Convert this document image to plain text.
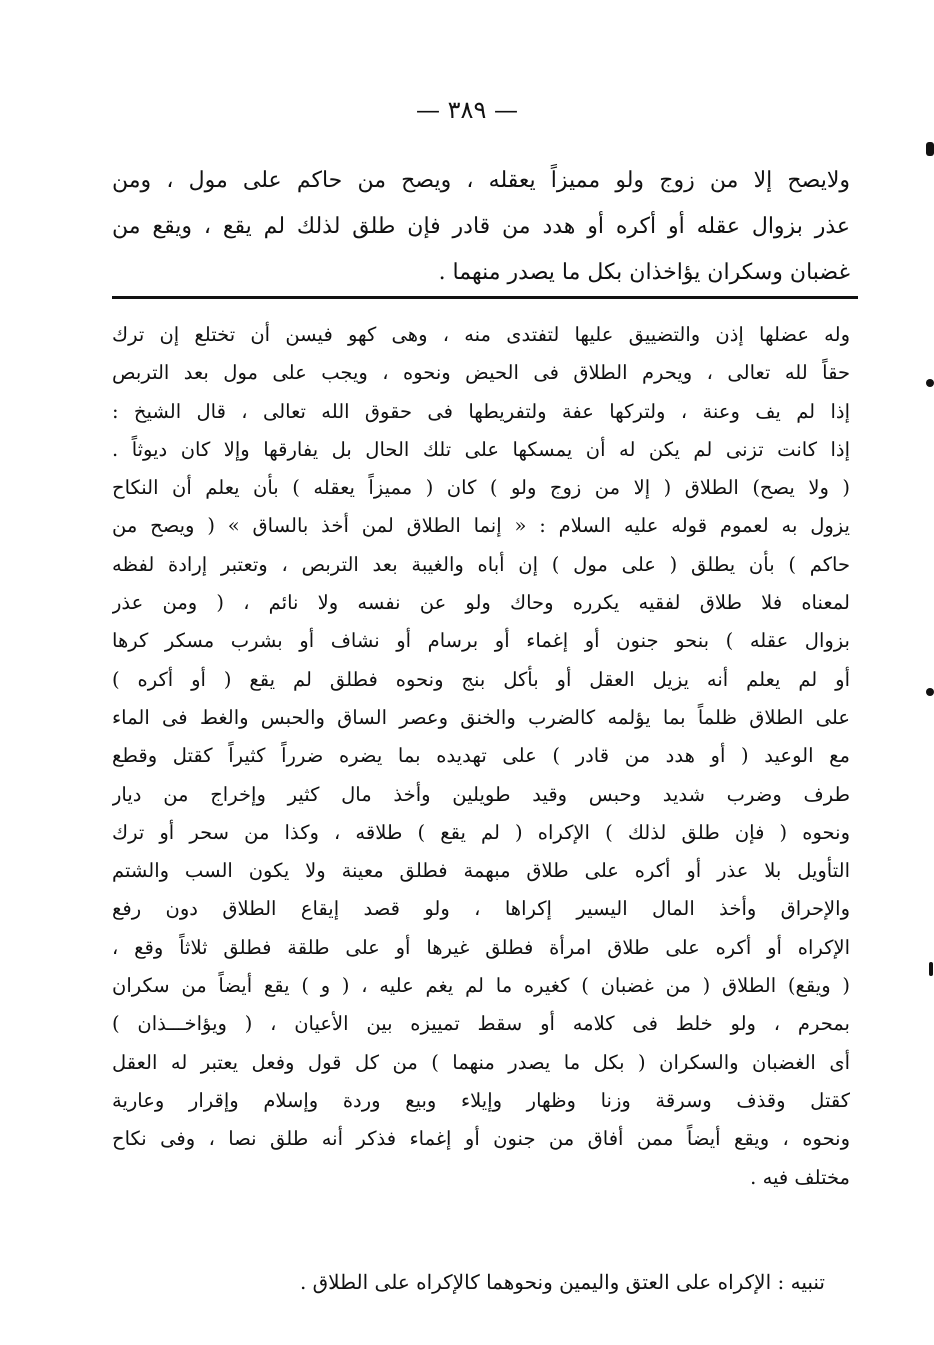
— ٣٨٩ —
ولايصح إلا من زوج ولو مميزاً يعقله ، ويصح من حاكم على مول ، ومن
عذر بزوال عقله أو أكره أو هدد من قادر فإن طلق لذلك لم يقع ، ويقع من
غضبان وسكران يؤاخذان بكل ما يصدر منهما .
وله عضلها إذن والتضييق عليها لتفتدى منه ، وهى كهو فيسن أن تختلع إن ترك
حقاً لله تعالى ، ويحرم الطلاق فى الحيض ونحوه ، ويجب على مول بعد التربص
إذا لم يف وعنة ، ولتركها عفة ولتفريطها فى حقوق الله تعالى ، قال الشيخ :
إذا كانت تزنى لم يكن له أن يمسكها على تلك الحال بل يفارقها وإلا كان ديوثاً .
( ولا يصح) الطلاق ( إلا من زوج ولو ) كان ( مميزاً يعقله ) بأن يعلم أن النكاح
يزول به لعموم قوله عليه السلام : « إنما الطلاق لمن أخذ بالساق » ( ويصح من
حاكم ) بأن يطلق ( على مول ) إن أباه والغيبة بعد التربص ، وتعتبر إرادة لفظه
لمعناه فلا طلاق لفقيه يكرره وحاك ولو عن نفسه ولا نائم ، ( ومن عذر
بزوال عقله ) بنحو جنون أو إغماء أو برسام أو نشاف أو بشرب مسكر كرها
أو لم يعلم أنه يزيل العقل أو بأكل بنج ونحوه فطلق لم يقع ( أو أكره )
على الطلاق ظلماً بما يؤلمه كالضرب والخنق وعصر الساق والحبس والغط فى الماء
مع الوعيد ( أو هدد من قادر ) على تهديده بما يضره ضرراً كثيراً كقتل وقطع
طرف وضرب شديد وحبس وقيد طويلين وأخذ مال كثير وإخراج من ديار
ونحوه ( فإن طلق لذلك ) الإكراه ( لم يقع ) طلاقه ، وكذا من سحر أو ترك
التأويل بلا عذر أو أكره على طلاق مبهمة فطلق معينة ولا يكون السب والشتم
والإحراق وأخذ المال اليسير إكراها ، ولو قصد إيقاع الطلاق دون رفع
الإكراه أو أكره على طلاق امرأة فطلق غيرها أو على طلقة فطلق ثلاثاً وقع ،
( ويقع) الطلاق ( من غضبان ) كغيره ما لم يغم عليه ، ( و ) يقع أيضاً من سكران
بمحرم ، ولو خلط فى كلامه أو سقط تمييزه بين الأعيان ، ( ويؤاخـــذان )
أى الغضبان والسكران ( بكل ما يصدر منهما ) من كل قول وفعل يعتبر له العقل
كقتل وقذف وسرقة وزنا وظهار وإيلاء وبيع وردة وإسلام وإقرار وعارية
ونحوه ، ويقع أيضاً ممن أفاق من جنون أو إغماء فذكر أنه طلق نصا ، وفى نكاح
مختلف فيه .
تنبيه : الإكراه على العتق واليمين ونحوهما كالإكراه على الطلاق .
